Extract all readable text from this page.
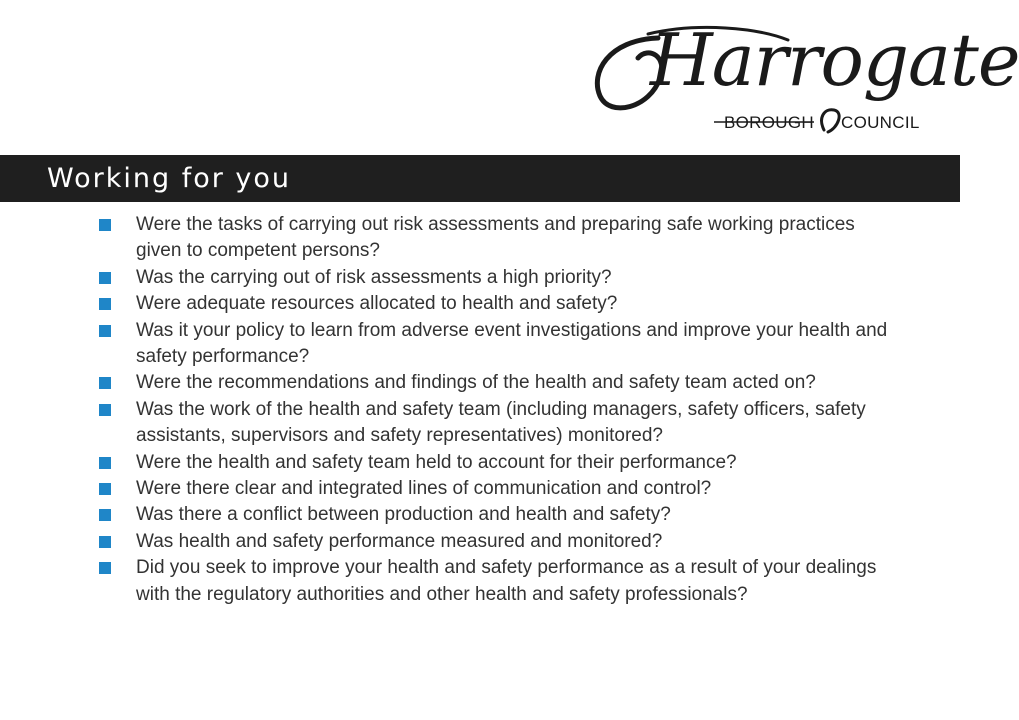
Harrogate
BOROUGH COUNCIL
Working for you
Were the tasks of carrying out risk assessments and preparing safe working practices given to competent persons?
Was the carrying out of risk assessments a high priority?
Were adequate resources allocated to health and safety?
Was it your policy to learn from adverse event investigations and improve your health and safety performance?
Were the recommendations and findings of the health and safety team acted on?
Was the work of the health and safety team (including managers, safety officers, safety assistants, supervisors and safety representatives) monitored?
Were the health and safety team held to account for their performance?
Were there clear and integrated lines of communication and control?
Was there a conflict between production and health and safety?
Was health and safety performance measured and monitored?
Did you seek to improve your health and safety performance as a result of your dealings with the regulatory authorities and other health and safety professionals?
